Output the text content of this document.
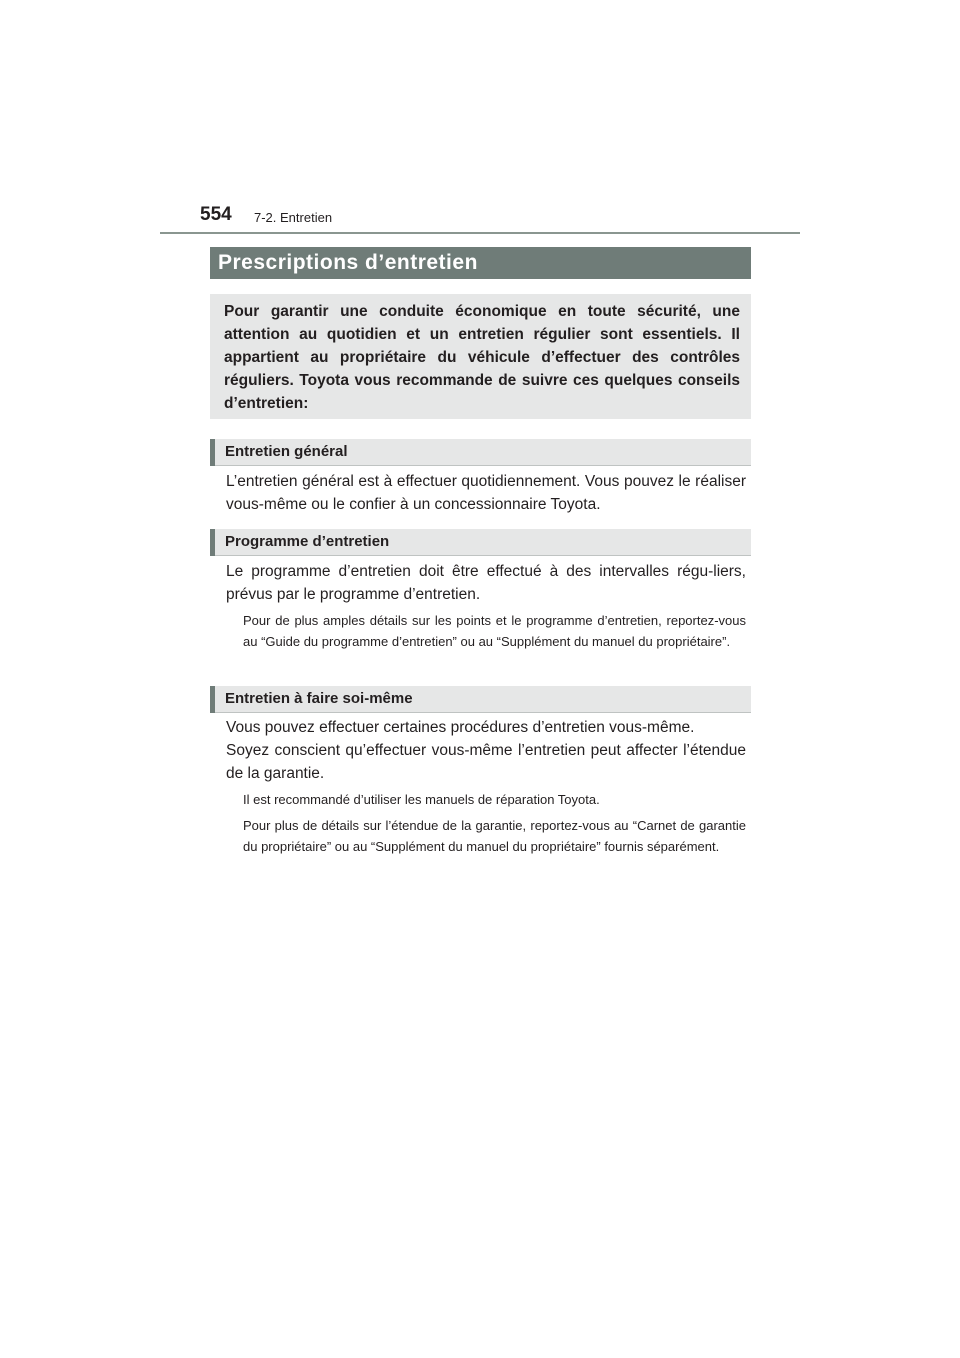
554 7-2. Entretien
Prescriptions d’entretien
Pour garantir une conduite économique en toute sécurité, une attention au quotidien et un entretien régulier sont essentiels. Il appartient au propriétaire du véhicule d’effectuer des contrôles réguliers. Toyota vous recommande de suivre ces quelques conseils d’entretien:
Entretien général
L’entretien général est à effectuer quotidiennement. Vous pouvez le réaliser vous-même ou le confier à un concessionnaire Toyota.
Programme d’entretien
Le programme d’entretien doit être effectué à des intervalles régu-liers, prévus par le programme d’entretien.
Pour de plus amples détails sur les points et le programme d’entretien, reportez-vous au “Guide du programme d’entretien” ou au “Supplément du manuel du propriétaire”.
Entretien à faire soi-même
Vous pouvez effectuer certaines procédures d’entretien vous-même.
Soyez conscient qu’effectuer vous-même l’entretien peut affecter l’étendue de la garantie.
Il est recommandé d’utiliser les manuels de réparation Toyota.
Pour plus de détails sur l’étendue de la garantie, reportez-vous au “Carnet de garantie du propriétaire” ou au “Supplément du manuel du propriétaire” fournis séparément.
